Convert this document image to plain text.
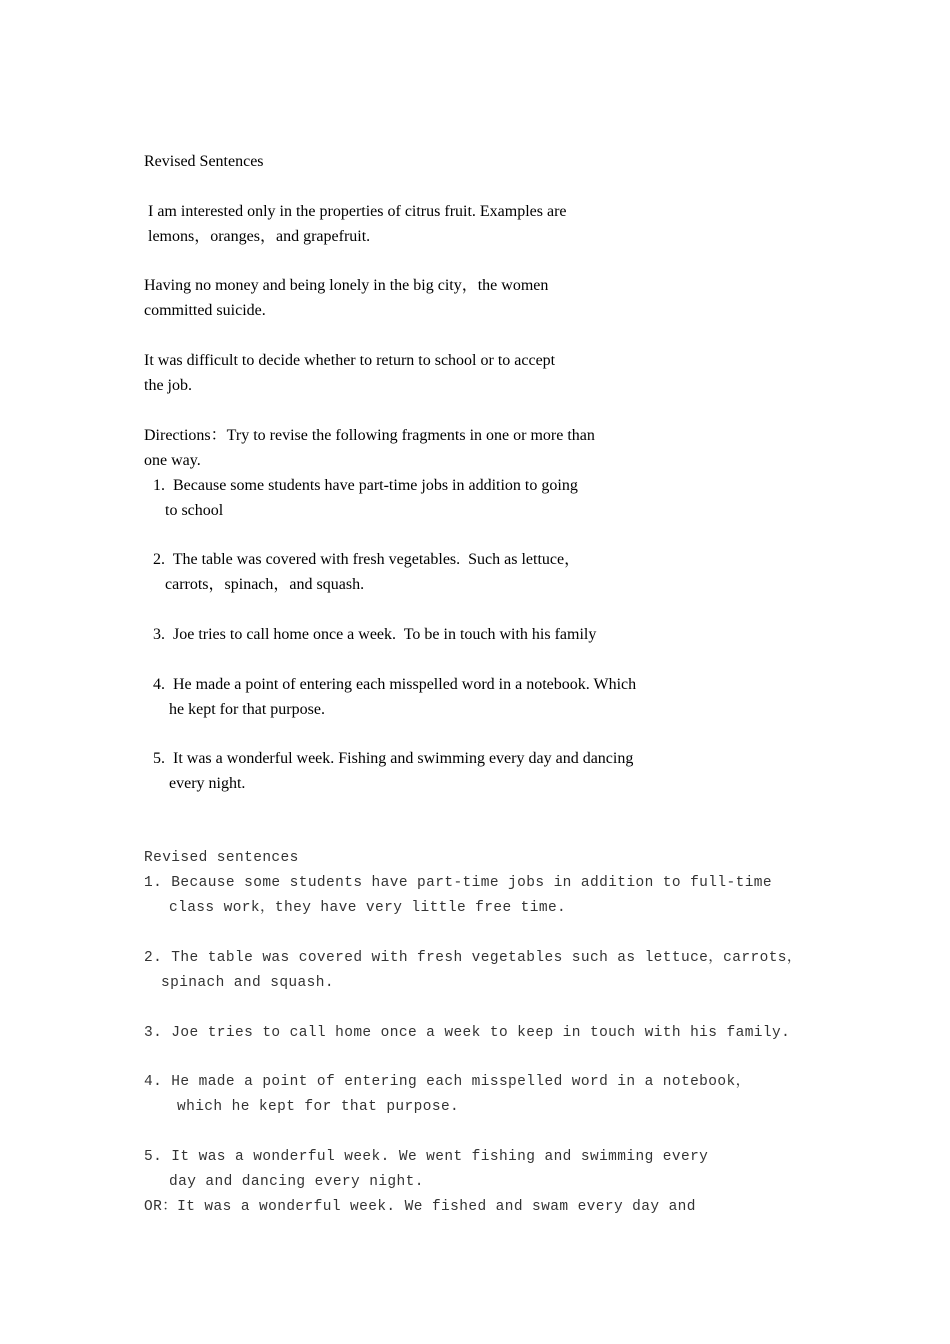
Revised Sentences

I am interested only in the properties of citrus fruit. Examples are

lemons，oranges，and grapefruit.

Having no money and being lonely in the big city，the women

committed suicide.

It was difficult to decide whether to return to school or to accept

the job.

Directions：Try to revise the following fragments in one or more than

one way.

1.  Because some students have part-time jobs in addition to going

to school

2.  The table was covered with fresh vegetables.  Such as lettuce，

carrots，spinach，and squash.

3.  Joe tries to call home once a week.  To be in touch with his family

4.  He made a point of entering each misspelled word in a notebook. Which

he kept for that purpose.

5.  It was a wonderful week. Fishing and swimming every day and dancing

every night.

Revised sentences

1. Because some students have part-time jobs in addition to full-time

class work，they have very little free time.

2. The table was covered with fresh vegetables such as lettuce，carrots，

spinach and squash.

3. Joe tries to call home once a week to keep in touch with his family.

4. He made a point of entering each misspelled word in a notebook，

which he kept for that purpose.

5. It was a wonderful week. We went fishing and swimming every

day and dancing every night.

OR：It was a wonderful week. We fished and swam every day and
